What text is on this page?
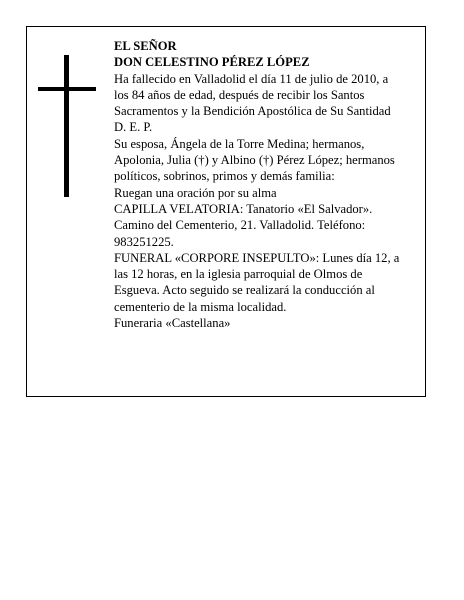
EL SEÑOR
DON CELESTINO PÉREZ LÓPEZ
Ha fallecido en Valladolid el día 11 de julio de 2010, a
los 84 años de edad, después de recibir los Santos
Sacramentos y la Bendición Apostólica de Su Santidad
D. E. P.
Su esposa, Ángela de la Torre Medina; hermanos,
Apolonia, Julia (†) y Albino (†) Pérez López; hermanos
políticos, sobrinos, primos y demás familia:
Ruegan una oración por su alma
CAPILLA VELATORIA: Tanatorio «El Salvador».
Camino del Cementerio, 21. Valladolid. Teléfono:
983251225.
FUNERAL «CORPORE INSEPULTO»: Lunes día 12, a
las 12 horas, en la iglesia parroquial de Olmos de
Esgueva. Acto seguido se realizará la conducción al
cementerio de la misma localidad.
Funeraria «Castellana»
